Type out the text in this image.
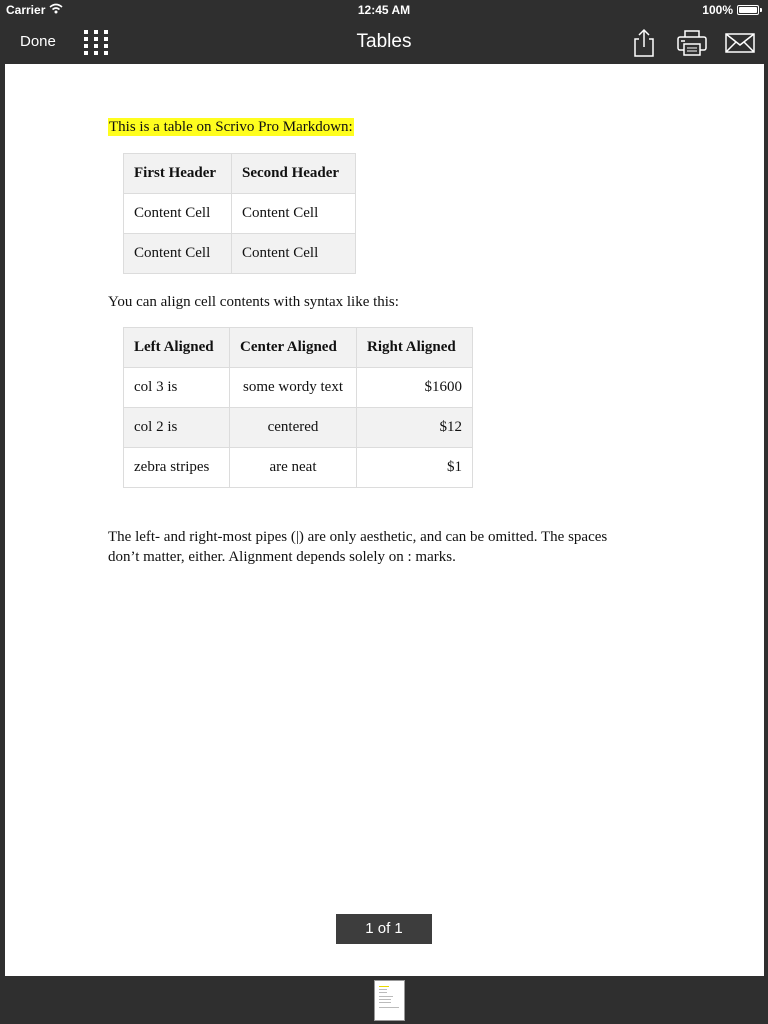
Carrier	12:45 AM	100%
Done	Tables
This is a table on Scrivo Pro Markdown:
First Header	Second Header
Content Cell	Content Cell
Content Cell	Content Cell
You can align cell contents with syntax like this:
Left Aligned	Center Aligned	Right Aligned
col 3 is	some wordy text	$1600
col 2 is	centered	$12
zebra stripes	are neat	$1
The left- and right-most pipes (|) are only aesthetic, and can be omitted. The spaces
don’t matter, either. Alignment depends solely on : marks.
1 of 1
